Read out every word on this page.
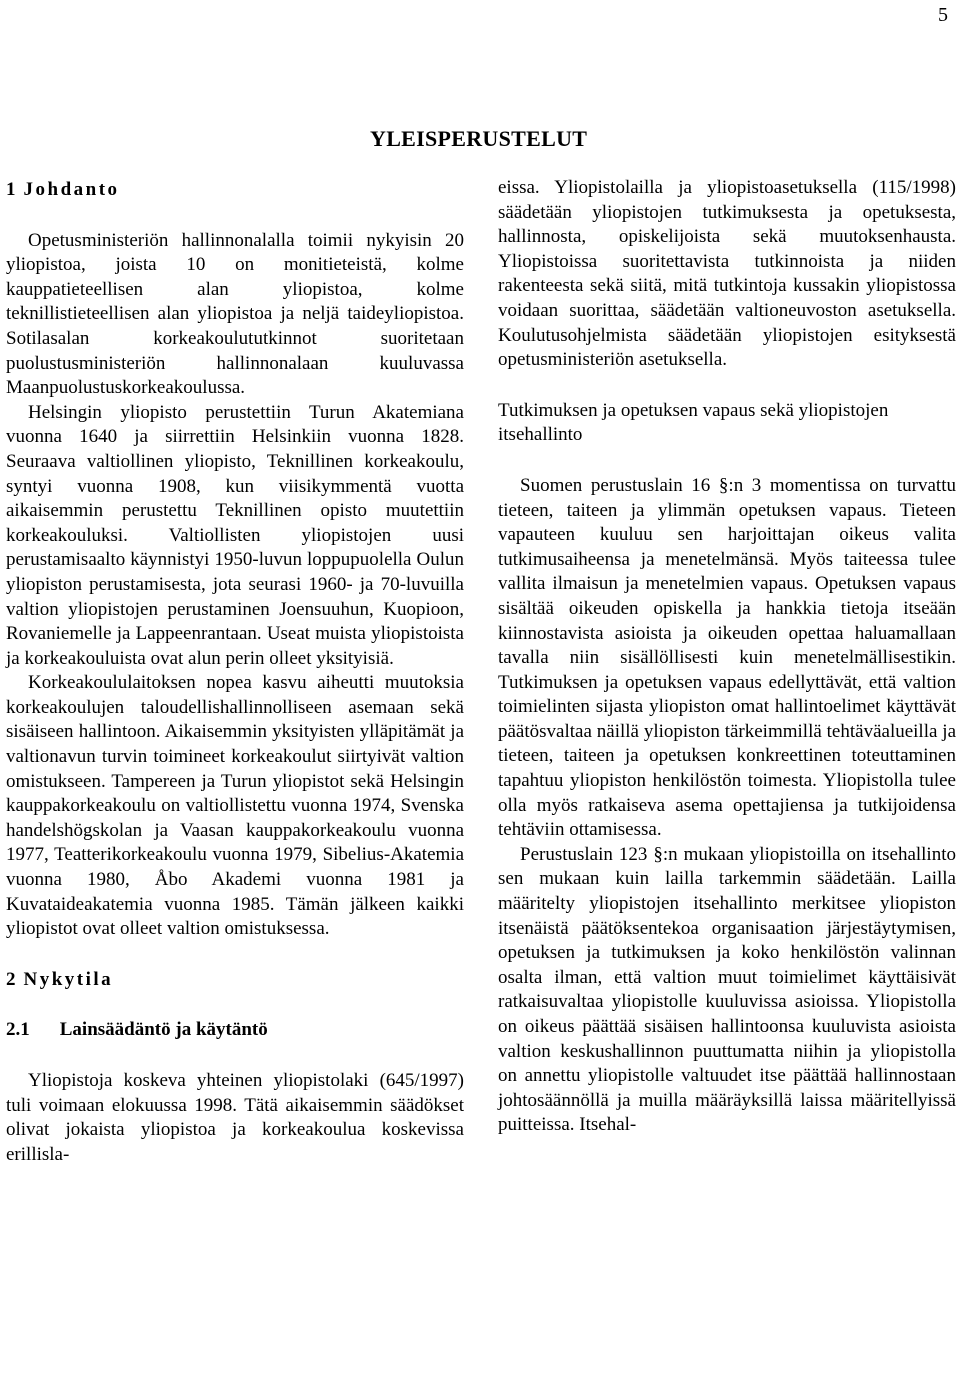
5
YLEISPERUSTELUT

1 Johdanto

Opetusministeriön hallinnonalalla toimii nykyisin 20 yliopistoa, joista 10 on monitieteistä, kolme kauppatieteellisen alan yliopistoa, kolme teknillistieteellisen alan yliopistoa ja neljä taideyliopistoa. Sotilasalan korkeakoulututkinnot suoritetaan puolustusministeriön hallinnonalaan kuuluvassa Maanpuolustuskorkeakoulussa.

Helsingin yliopisto perustettiin Turun Akatemiana vuonna 1640 ja siirrettiin Helsinkiin vuonna 1828. Seuraava valtiollinen yliopisto, Teknillinen korkeakoulu, syntyi vuonna 1908, kun viisikymmentä vuotta aikaisemmin perustettu Teknillinen opisto muutettiin korkeakouluksi. Valtiollisten yliopistojen uusi perustamisaalto käynnistyi 1950-luvun loppupuolella Oulun yliopiston perustamisesta, jota seurasi 1960- ja 70-luvuilla valtion yliopistojen perustaminen Joensuuhun, Kuopioon, Rovaniemelle ja Lappeenrantaan. Useat muista yliopistoista ja korkeakouluista ovat alun perin olleet yksityisiä.

Korkeakoululaitoksen nopea kasvu aiheutti muutoksia korkeakoulujen taloudellishallinnolliseen asemaan sekä sisäiseen hallintoon. Aikaisemmin yksityisten ylläpitämät ja valtionavun turvin toimineet korkeakoulut siirtyivät valtion omistukseen. Tampereen ja Turun yliopistot sekä Helsingin kauppakorkeakoulu on valtiollistettu vuonna 1974, Svenska handelshögskolan ja Vaasan kauppakorkeakoulu vuonna 1977, Teatterikorkeakoulu vuonna 1979, Sibelius-Akatemia vuonna 1980, Åbo Akademi vuonna 1981 ja Kuvataideakatemia vuonna 1985. Tämän jälkeen kaikki yliopistot ovat olleet valtion omistuksessa.

2 Nykytila

2.1 Lainsäädäntö ja käytäntö

Yliopistoja koskeva yhteinen yliopistolaki (645/1997) tuli voimaan elokuussa 1998. Tätä aikaisemmin säädökset olivat jokaista yliopistoa ja korkeakoulua koskevissa erillisla-

eissa. Yliopistolailla ja yliopistoasetuksella (115/1998) säädetään yliopistojen tutkimuksesta ja opetuksesta, hallinnosta, opiskelijoista sekä muutoksenhausta. Yliopistoissa suoritettavista tutkinnoista ja niiden rakenteesta sekä siitä, mitä tutkintoja kussakin yliopistossa voidaan suorittaa, säädetään valtioneuvoston asetuksella. Koulutusohjelmista säädetään yliopistojen esityksestä opetusministeriön asetuksella.

Tutkimuksen ja opetuksen vapaus sekä yliopistojen itsehallinto

Suomen perustuslain 16 §:n 3 momentissa on turvattu tieteen, taiteen ja ylimmän opetuksen vapaus. Tieteen vapauteen kuuluu sen harjoittajan oikeus valita tutkimusaiheensa ja menetelmänsä. Myös taiteessa tulee vallita ilmaisun ja menetelmien vapaus. Opetuksen vapaus sisältää oikeuden opiskella ja hankkia tietoja itseään kiinnostavista asioista ja oikeuden opettaa haluamallaan tavalla niin sisällöllisesti kuin menetelmällisestikin. Tutkimuksen ja opetuksen vapaus edellyttävät, että valtion toimielinten sijasta yliopiston omat hallintoelimet käyttävät päätösvaltaa näillä yliopiston tärkeimmillä tehtäväalueilla ja tieteen, taiteen ja opetuksen konkreettinen toteuttaminen tapahtuu yliopiston henkilöstön toimesta. Yliopistolla tulee olla myös ratkaiseva asema opettajiensa ja tutkijoidensa tehtäviin ottamisessa.

Perustuslain 123 §:n mukaan yliopistoilla on itsehallinto sen mukaan kuin lailla tarkemmin säädetään. Lailla määritelty yliopistojen itsehallinto merkitsee yliopiston itsenäistä päätöksentekoa organisaation järjestäytymisen, opetuksen ja tutkimuksen ja koko henkilöstön valinnan osalta ilman, että valtion muut toimielimet käyttäisivät ratkaisuvaltaa yliopistolle kuuluvissa asioissa. Yliopistolla on oikeus päättää sisäisen hallintoonsa kuuluvista asioista valtion keskushallinnon puuttumatta niihin ja yliopistolla on annettu yliopistolle valtuudet itse päättää hallinnostaan johtosäännöllä ja muilla määräyksillä laissa määritellyissä puitteissa. Itsehal-
